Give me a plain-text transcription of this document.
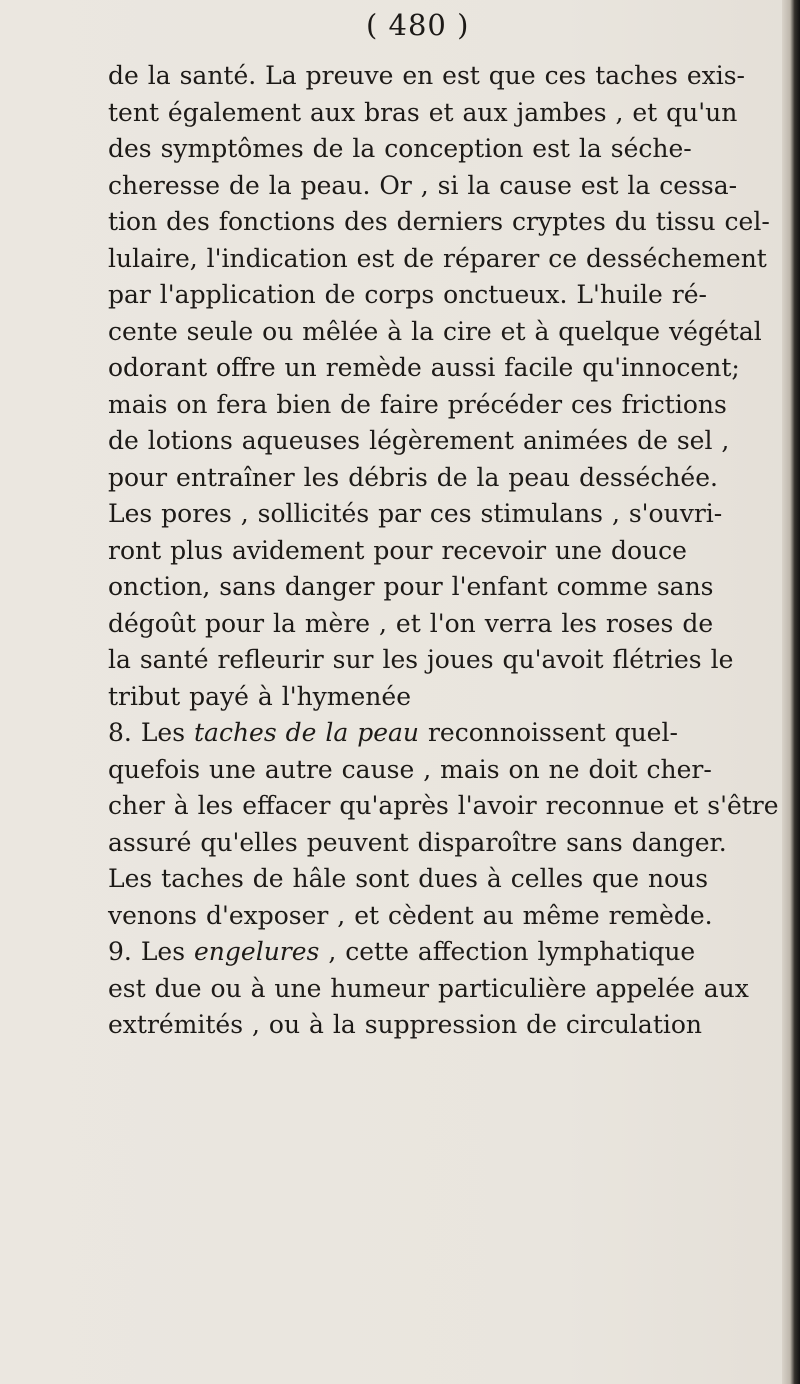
( 480 )
de la santé. La preuve en est que ces taches exis-
tent également aux bras et aux jambes , et qu'un
des symptômes de la conception est la séche-
cheresse de la peau. Or , si la cause est la cessa-
tion des fonctions des derniers cryptes du tissu cel-
lulaire, l'indication est de réparer ce desséchement
par l'application de corps onctueux. L'huile ré-
cente seule ou mêlée à la cire et à quelque végétal
odorant offre un remède aussi facile qu'innocent;
mais on fera bien de faire précéder ces frictions
de lotions aqueuses légèrement animées de sel ,
pour entraîner les débris de la peau desséchée.
Les pores , sollicités par ces stimulans , s'ouvri-
ront plus avidement pour recevoir une douce
onction, sans danger pour l'enfant comme sans
dégoût pour la mère , et l'on verra les roses de
la santé refleurir sur les joues qu'avoit flétries le
tribut payé à l'hymenée
8. Les taches de la peau reconnoissent quel-
quefois une autre cause , mais on ne doit cher-
cher à les effacer qu'après l'avoir reconnue et s'être
assuré qu'elles peuvent disparoître sans danger.
Les taches de hâle sont dues à celles que nous
venons d'exposer , et cèdent au même remède.
9. Les engelures , cette affection lymphatique
est due ou à une humeur particulière appelée aux
extrémités , ou à la suppression de circulation
